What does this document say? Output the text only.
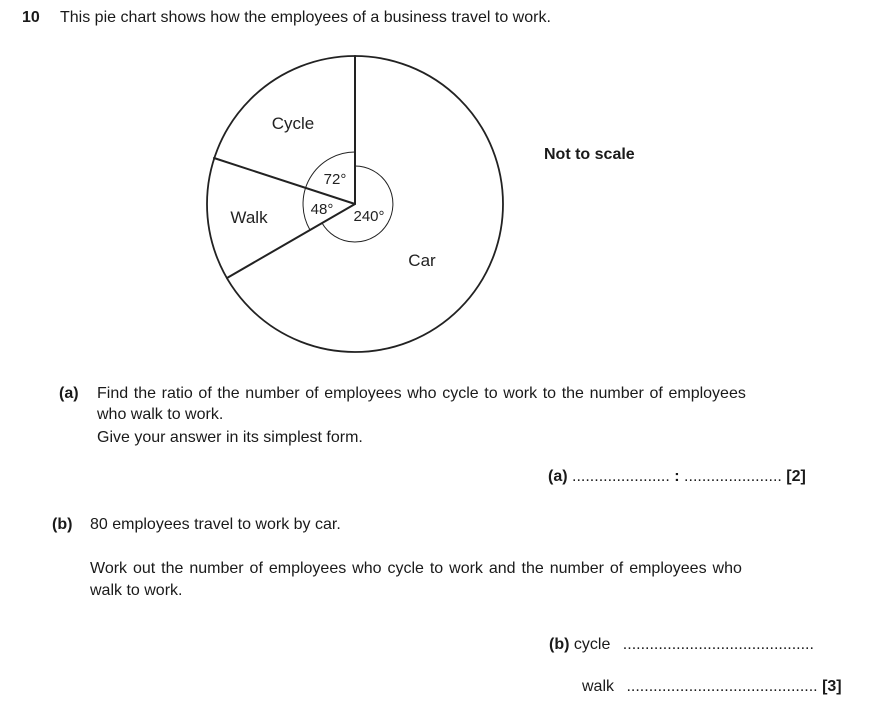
10 This pie chart shows how the employees of a business travel to work.
Cycle
Walk
Car
72°
48° 240°
Not to scale
(a) Find the ratio of the number of employees who cycle to work to the number of employees
who walk to work.
Give your answer in its simplest form.
(a) ...................... : ...................... [2]
(b) 80 employees travel to work by car.
Work out the number of employees who cycle to work and the number of employees who
walk to work.
(b) cycle ...........................................
walk ........................................... [3]
